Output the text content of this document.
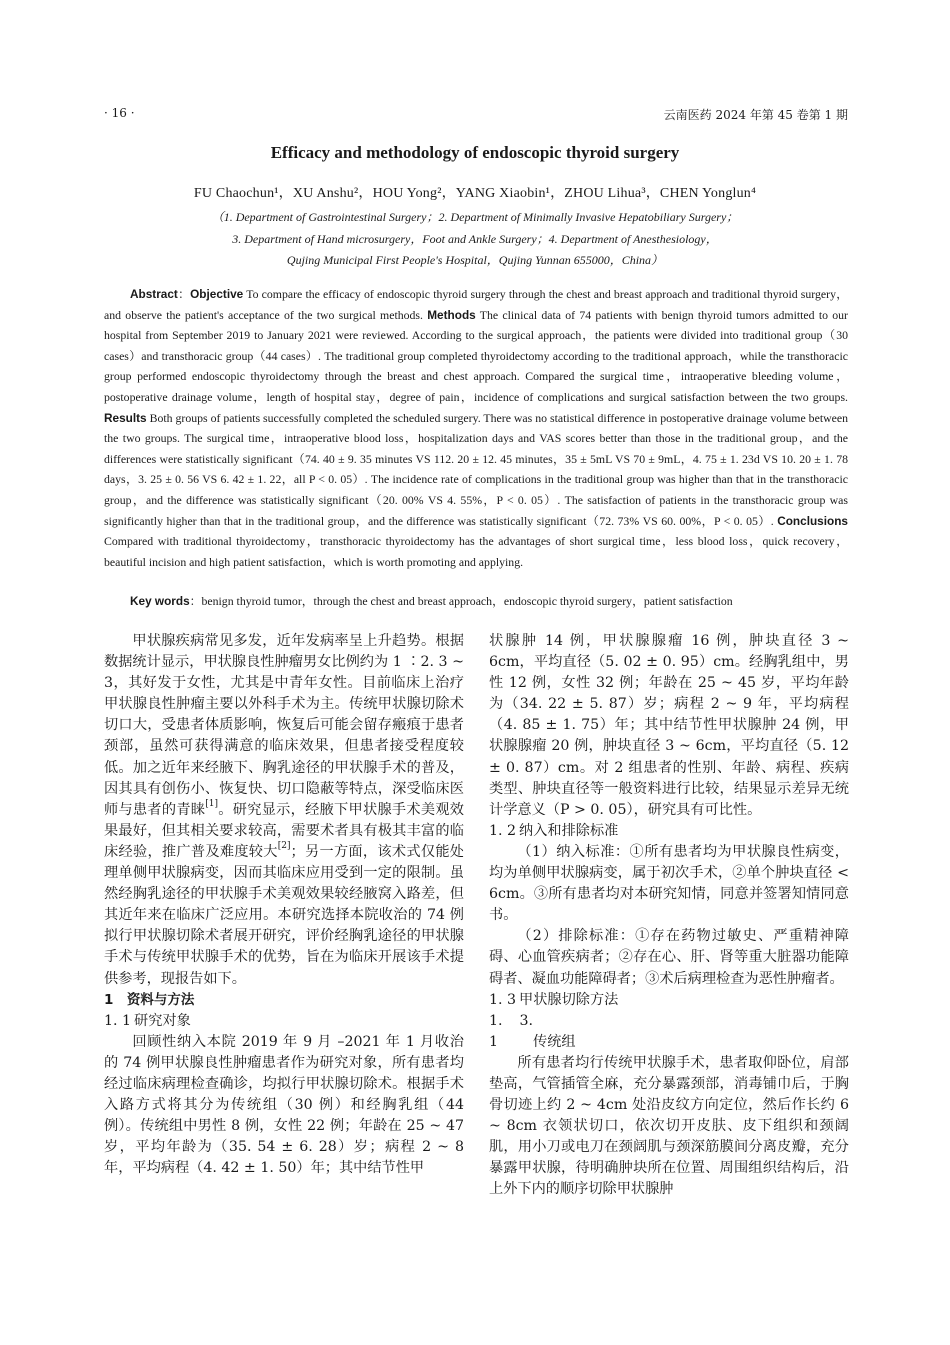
· 16 ·	云南医药 2024 年第 45 卷第 1 期
Efficacy and methodology of endoscopic thyroid surgery
FU Chaochun¹，XU Anshu²，HOU Yong²，YANG Xiaobin¹，ZHOU Lihua³，CHEN Yonglun⁴
（1. Department of Gastrointestinal Surgery；2. Department of Minimally Invasive Hepatobiliary Surgery；
3. Department of Hand microsurgery，Foot and Ankle Surgery；4. Department of Anesthesiology，
Qujing Municipal First People's Hospital，Qujing Yunnan 655000，China）
Abstract：Objective To compare the efficacy of endoscopic thyroid surgery through the chest and breast approach and traditional thyroid surgery，and observe the patient's acceptance of the two surgical methods. Methods The clinical data of 74 patients with benign thyroid tumors admitted to our hospital from September 2019 to January 2021 were reviewed. According to the surgical approach，the patients were divided into traditional group（30 cases）and transthoracic group（44 cases）. The traditional group completed thyroidectomy according to the traditional approach，while the transthoracic group performed endoscopic thyroidectomy through the breast and chest approach. Compared the surgical time，intraoperative bleeding volume，postoperative drainage volume，length of hospital stay，degree of pain，incidence of complications and surgical satisfaction between the two groups. Results Both groups of patients successfully completed the scheduled surgery. There was no statistical difference in postoperative drainage volume between the two groups. The surgical time，intraoperative blood loss，hospitalization days and VAS scores better than those in the traditional group，and the differences were statistically significant（74. 40 ± 9. 35 minutes VS 112. 20 ± 12. 45 minutes，35 ± 5mL VS 70 ± 9mL，4. 75 ± 1. 23d VS 10. 20 ± 1. 78 days，3. 25 ± 0. 56 VS 6. 42 ± 1. 22，all P < 0. 05）. The incidence rate of complications in the traditional group was higher than that in the transthoracic group，and the difference was statistically significant（20. 00% VS 4. 55%，P < 0. 05）. The satisfaction of patients in the transthoracic group was significantly higher than that in the traditional group，and the difference was statistically significant（72. 73% VS 60. 00%，P < 0. 05）. Conclusions Compared with traditional thyroidectomy，transthoracic thyroidectomy has the advantages of short surgical time，less blood loss，quick recovery，beautiful incision and high patient satisfaction，which is worth promoting and applying.
Key words：benign thyroid tumor，through the chest and breast approach，endoscopic thyroid surgery，patient satisfaction

甲状腺疾病常见多发，近年发病率呈上升趋势。根据数据统计显示，甲状腺良性肿瘤男女比例约为 1 ∶2. 3 ~ 3，其好发于女性，尤其是中青年女性。目前临床上治疗甲状腺良性肿瘤主要以外科手术为主。传统甲状腺切除术切口大，受患者体质影响，恢复后可能会留存瘢痕于患者颈部，虽然可获得满意的临床效果，但患者接受程度较低。加之近年来经腋下、胸乳途径的甲状腺手术的普及，因其具有创伤小、恢复快、切口隐蔽等特点，深受临床医师与患者的青睐[1]。研究显示，经腋下甲状腺手术美观效果最好，但其相关要求较高，需要术者具有极其丰富的临床经验，推广普及难度较大[2]；另一方面，该术式仅能处理单侧甲状腺病变，因而其临床应用受到一定的限制。虽然经胸乳途径的甲状腺手术美观效果较经腋窝入路差，但其近年来在临床广泛应用。本研究选择本院收治的 74 例拟行甲状腺切除术者展开研究，评价经胸乳途径的甲状腺手术与传统甲状腺手术的优势，旨在为临床开展该手术提供参考，现报告如下。

1　资料与方法

1. 1 研究对象

回顾性纳入本院 2019 年 9 月 –2021 年 1 月收治的 74 例甲状腺良性肿瘤患者作为研究对象，所有患者均经过临床病理检查确诊，均拟行甲状腺切除术。根据手术入路方式将其分为传统组（30 例）和经胸乳组（44 例）。传统组中男性 8 例，女性 22 例；年龄在 25 ~ 47 岁，平均年龄为（35. 54 ± 6. 28）岁；病程 2 ~ 8 年，平均病程（4. 42 ± 1. 50）年；其中结节性甲

状腺肿 14 例，甲状腺腺瘤 16 例，肿块直径 3 ~ 6cm，平均直径（5. 02 ± 0. 95）cm。经胸乳组中，男性 12 例，女性 32 例；年龄在 25 ~ 45 岁，平均年龄为（34. 22 ± 5. 87）岁；病程 2 ~ 9 年，平均病程（4. 85 ± 1. 75）年；其中结节性甲状腺肿 24 例，甲状腺腺瘤 20 例，肿块直径 3 ~ 6cm，平均直径（5. 12 ± 0. 87）cm。对 2 组患者的性别、年龄、病程、疾病类型、肿块直径等一般资料进行比较，结果显示差异无统计学意义（P > 0. 05），研究具有可比性。

1. 2 纳入和排除标准

（1）纳入标准：①所有患者均为甲状腺良性病变，均为单侧甲状腺病变，属于初次手术，②单个肿块直径 < 6cm。③所有患者均对本研究知情，同意并签署知情同意书。

（2）排除标准：①存在药物过敏史、严重精神障碍、心血管疾病者；②存在心、肝、肾等重大脏器功能障碍者、凝血功能障碍者；③术后病理检查为恶性肿瘤者。

1. 3 甲状腺切除方法

1. 3. 1 传统组

所有患者均行传统甲状腺手术，患者取仰卧位，肩部垫高，气管插管全麻，充分暴露颈部，消毒铺巾后，于胸骨切迹上约 2 ~ 4cm 处沿皮纹方向定位，然后作长约 6 ~ 8cm 衣领状切口，依次切开皮肤、皮下组织和颈阔肌，用小刀或电刀在颈阔肌与颈深筋膜间分离皮瓣，充分暴露甲状腺，待明确肿块所在位置、周围组织结构后，沿上外下内的顺序切除甲状腺肿
